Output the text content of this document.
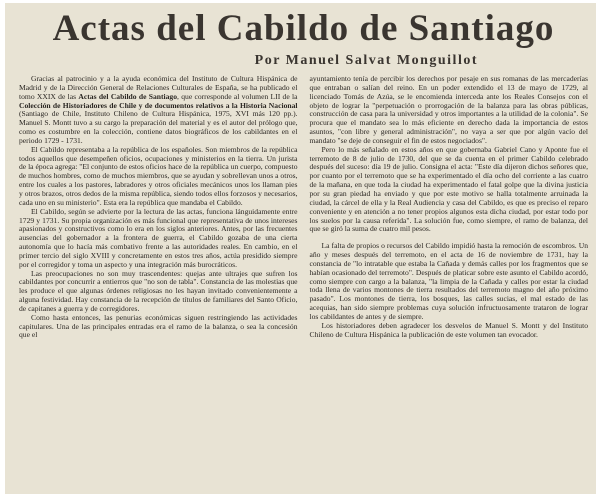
Actas del Cabildo de Santiago
Por Manuel Salvat Monguillot

Gracias al patrocinio y a la ayuda económica del Instituto de Cultura Hispánica de Madrid y de la Dirección General de Relaciones Culturales de España, se ha publicado el tomo XXIX de las Actas del Cabildo de Santiago, que corresponde al volumen LII de la Colección de Historiadores de Chile y de documentos relativos a la Historia Nacional (Santiago de Chile, Instituto Chileno de Cultura Hispánica, 1975, XVI más 120 pp.). Manuel S. Montt tuvo a su cargo la preparación del material y es el autor del prólogo que, como es costumbre en la colección, contiene datos biográficos de los cabildantes en el periodo 1729 - 1731.

El Cabildo representaba a la república de los españoles. Son miembros de la república todos aquellos que desempeñen oficios, ocupaciones y ministerios en la tierra. Un jurista de la época agrega: "El conjunto de estos oficios hace de la república un cuerpo, compuesto de muchos hombres, como de muchos miembros, que se ayudan y sobrellevan unos a otros, entre los cuales a los pastores, labradores y otros oficiales mecánicos unos los llaman pies y otros brazos, otros dedos de la misma república, siendo todos ellos forzosos y necesarios, cada uno en su ministerio". Esta era la república que mandaba el Cabildo.

El Cabildo, según se advierte por la lectura de las actas, funciona lánguidamente entre 1729 y 1731. Su propia organización es más funcional que representativa de unos intereses apasionados y constructivos como lo era en los siglos anteriores. Antes, por las frecuentes ausencias del gobernador a la frontera de guerra, el Cabildo gozaba de una cierta autonomía que lo hacía más combativo frente a las autoridades reales. En cambio, en el primer tercio del siglo XVIII y concretamente en estos tres años, actúa presidido siempre por el corregidor y toma un aspecto y una integración más burocráticos.

Las preocupaciones no son muy trascendentes: quejas ante ultrajes que sufren los cabildantes por concurrir a entierros que "no son de tabla". Constancia de las molestias que les produce el que algunas órdenes religiosas no les hayan invitado convenientemente a alguna festividad. Hay constancia de la recepción de títulos de familiares del Santo Oficio, de capitanes a guerra y de corregidores.

Como hasta entonces, las penurias económicas siguen restringiendo las actividades capitulares. Una de las principales entradas era el ramo de la balanza, o sea la concesión que el

ayuntamiento tenía de percibir los derechos por pesaje en sus romanas de las mercaderías que entraban o salían del reino. En un poder extendido el 13 de mayo de 1729, al licenciado Tomás de Azúa, se le encomienda interceda ante los Reales Consejos con el objeto de lograr la "perpetuación o prorrogación de la balanza para las obras públicas, construcción de casa para la universidad y otros importantes a la utilidad de la colonia". Se procura que el mandato sea lo más eficiente en derecho dada la importancia de estos asuntos, "con libre y general administración", no vaya a ser que por algún vacío del mandato "se deje de conseguir el fin de estos negociados".

Pero lo más señalado en estos años en que gobernaba Gabriel Cano y Aponte fue el terremoto de 8 de julio de 1730, del que se da cuenta en el primer Cabildo celebrado después del suceso: día 19 de julio. Consigna el acta: "Este día dijeron dichos señores que, por cuanto por el terremoto que se ha experimentado el día ocho del corriente a las cuatro de la mañana, en que toda la ciudad ha experimentado el fatal golpe que la divina justicia por su gran piedad ha enviado y que por este motivo se halla totalmente arruinada la ciudad, la cárcel de ella y la Real Audiencia y casa del Cabildo, es que es preciso el reparo conveniente y en atención a no tener propios algunos esta dicha ciudad, por estar todo por los suelos por la causa referida". La solución fue, como siempre, el ramo de balanza, del que se giró la suma de cuatro mil pesos.

La falta de propios o recursos del Cabildo impidió hasta la remoción de escombros. Un año y meses después del terremoto, en el acta de 16 de noviembre de 1731, hay la constancia de "lo intratable que estaba la Cañada y demás calles por los fragmentos que se habían ocasionado del terremoto". Después de platicar sobre este asunto el Cabildo acordó, como siempre con cargo a la balanza, "la limpia de la Cañada y calles por estar la ciudad toda llena de varios montones de tierra resultados del terremoto magno del año próximo pasado". Los montones de tierra, los bosques, las calles sucias, el mal estado de las acequias, han sido siempre problemas cuya solución infructuosamente trataron de lograr los cabildantes de antes y de siempre.

Los historiadores deben agradecer los desvelos de Manuel S. Montt y del Instituto Chileno de Cultura Hispánica la publicación de este volumen tan evocador.
